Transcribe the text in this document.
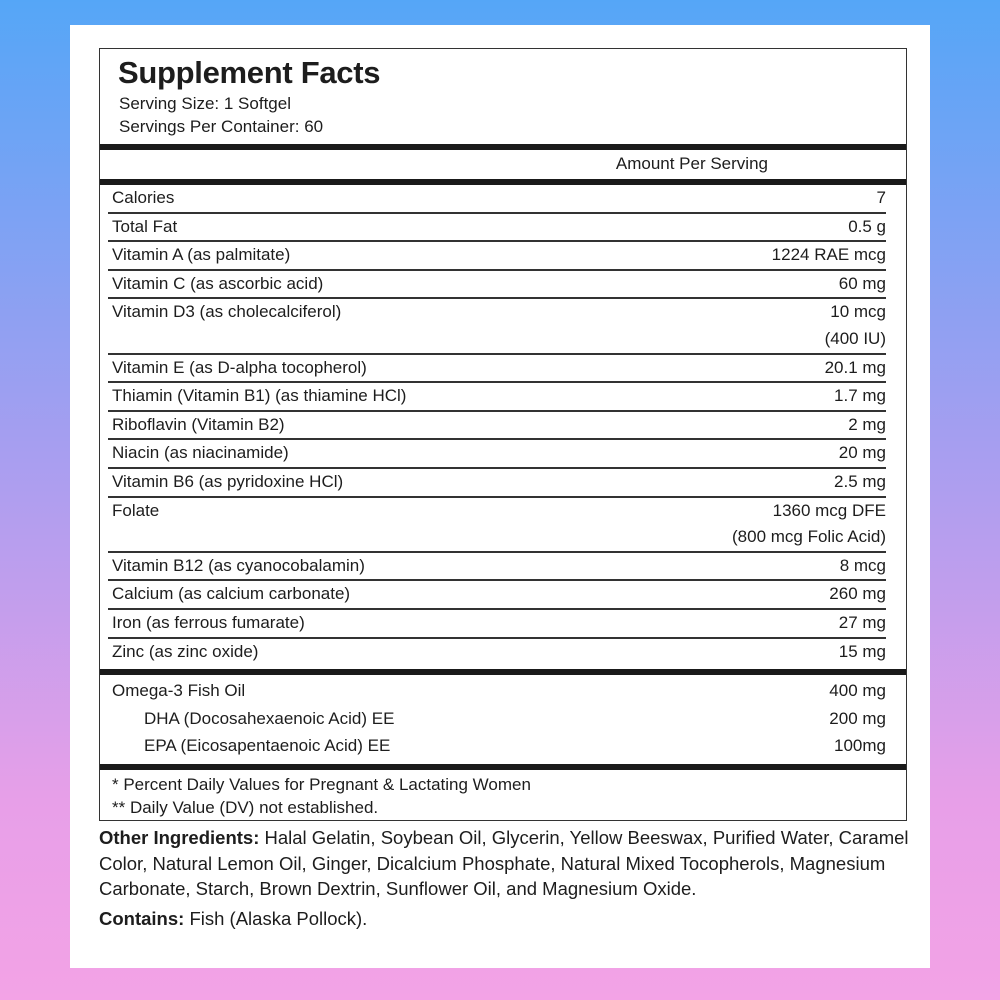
Supplement Facts
Serving Size: 1 Softgel
Servings Per Container: 60
Amount Per Serving
Calories	7
Total Fat	0.5 g
Vitamin A (as palmitate)	1224 RAE mcg
Vitamin C (as ascorbic acid)	60 mg
Vitamin D3 (as cholecalciferol)	10 mcg
(400 IU)
Vitamin E (as D-alpha tocopherol)	20.1 mg
Thiamin (Vitamin B1) (as thiamine HCl)	1.7 mg
Riboflavin (Vitamin B2)	2 mg
Niacin (as niacinamide)	20 mg
Vitamin B6 (as pyridoxine HCl)	2.5 mg
Folate	1360 mcg DFE
(800 mcg Folic Acid)
Vitamin B12 (as cyanocobalamin)	8 mcg
Calcium (as calcium carbonate)	260 mg
Iron (as ferrous fumarate)	27 mg
Zinc (as zinc oxide)	15 mg
Omega-3 Fish Oil	400 mg
DHA (Docosahexaenoic Acid) EE	200 mg
EPA (Eicosapentaenoic Acid) EE	100mg
* Percent Daily Values for Pregnant & Lactating Women
** Daily Value (DV) not established.
Other Ingredients: Halal Gelatin, Soybean Oil, Glycerin, Yellow Beeswax, Purified Water, Caramel Color, Natural Lemon Oil, Ginger, Dicalcium Phosphate, Natural Mixed Tocopherols, Magnesium Carbonate, Starch, Brown Dextrin, Sunflower Oil, and Magnesium Oxide.
Contains: Fish (Alaska Pollock).
